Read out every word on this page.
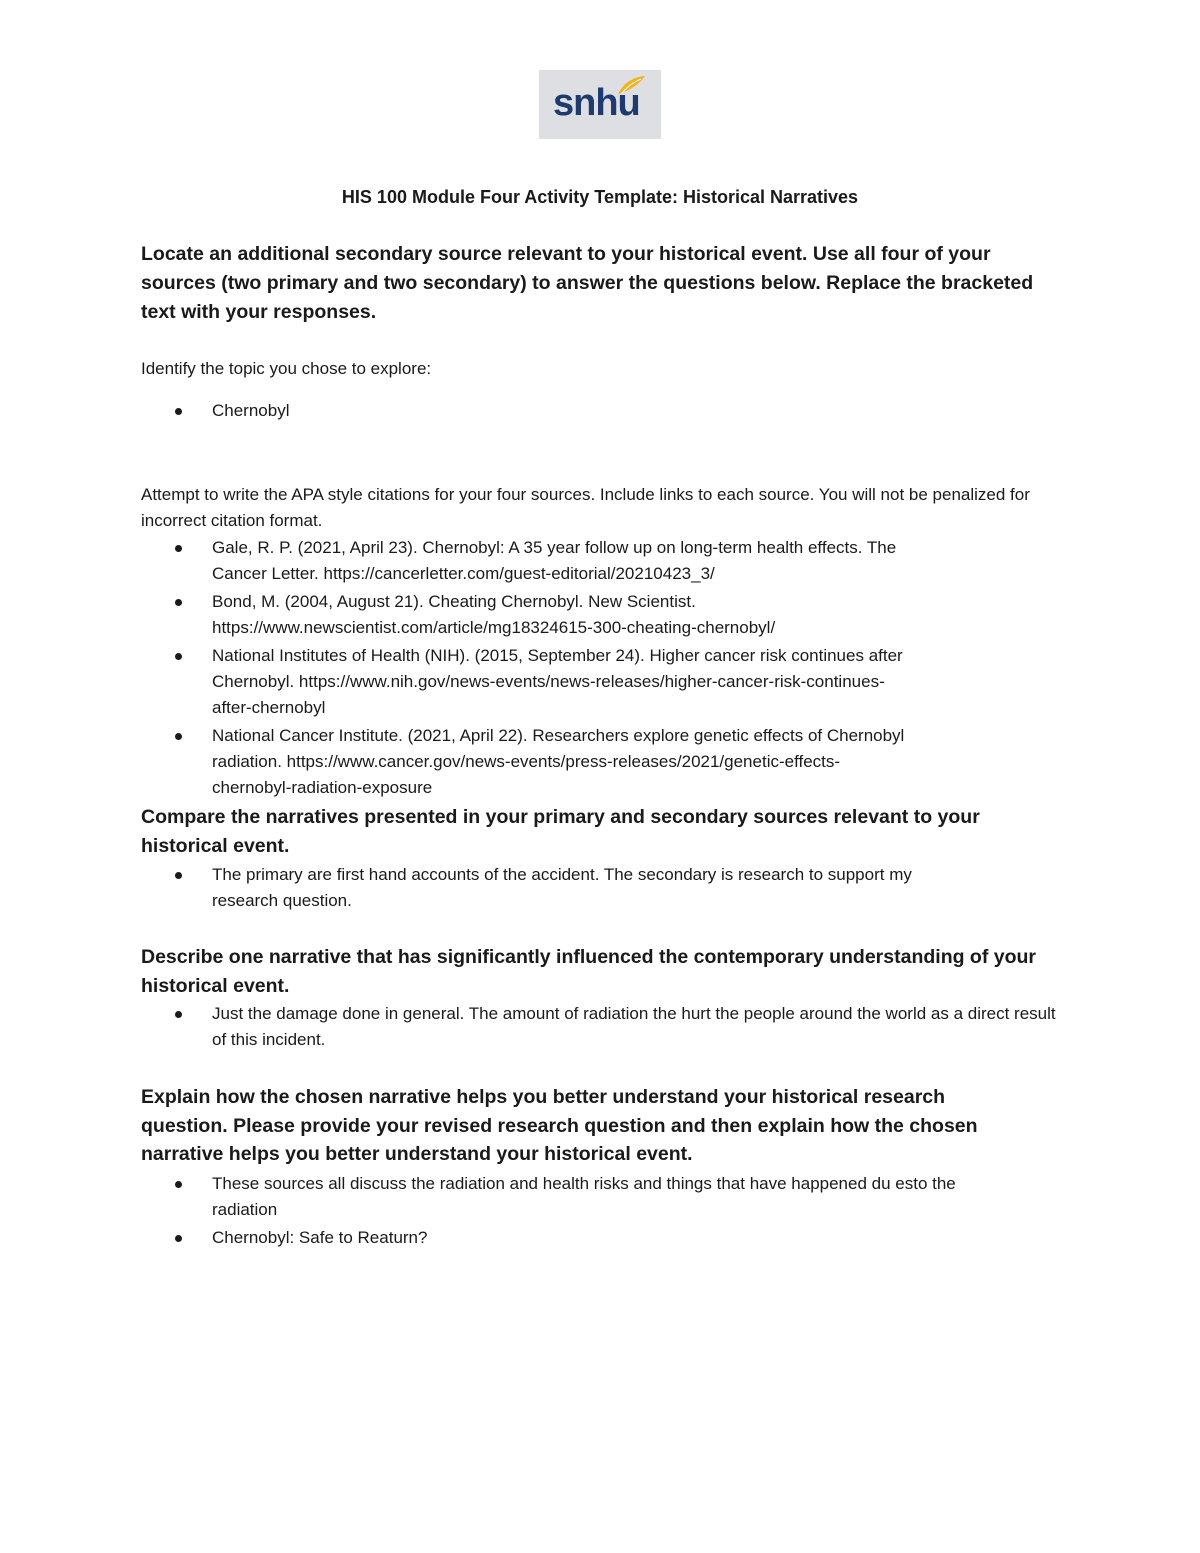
snhu
HIS 100 Module Four Activity Template: Historical Narratives
Locate an additional secondary source relevant to your historical event. Use all four of your sources (two primary and two secondary) to answer the questions below. Replace the bracketed text with your responses.
Identify the topic you chose to explore:
Chernobyl
Attempt to write the APA style citations for your four sources. Include links to each source. You will not be penalized for incorrect citation format.
Gale, R. P. (2021, April 23). Chernobyl: A 35 year follow up on long-term health effects. The
Cancer Letter. https://cancerletter.com/guest-editorial/20210423_3/
Bond, M. (2004, August 21). Cheating Chernobyl. New Scientist.
https://www.newscientist.com/article/mg18324615-300-cheating-chernobyl/
National Institutes of Health (NIH). (2015, September 24). Higher cancer risk continues after
Chernobyl. https://www.nih.gov/news-events/news-releases/higher-cancer-risk-continues-
after-chernobyl
National Cancer Institute. (2021, April 22). Researchers explore genetic effects of Chernobyl
radiation. https://www.cancer.gov/news-events/press-releases/2021/genetic-effects-
chernobyl-radiation-exposure
Compare the narratives presented in your primary and secondary sources relevant to your historical event.
The primary are first hand accounts of the accident. The secondary is research to support my research question.
Describe one narrative that has significantly influenced the contemporary understanding of your historical event.
Just the damage done in general. The amount of radiation the hurt the people around the world as a direct result of this incident.
Explain how the chosen narrative helps you better understand your historical research question. Please provide your revised research question and then explain how the chosen narrative helps you better understand your historical event.
These sources all discuss the radiation and health risks and things that have happened du esto the radiation
Chernobyl: Safe to Reaturn?
